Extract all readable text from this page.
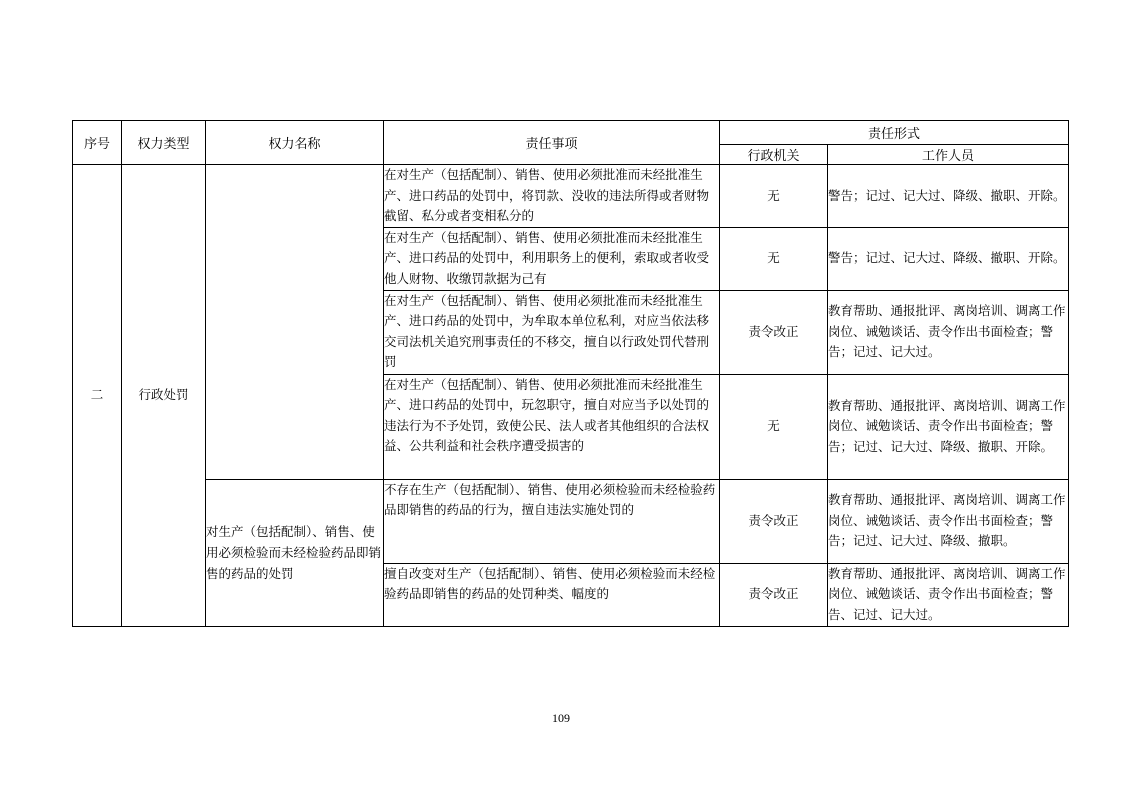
序号	权力类型	权力名称	责任事项	责任形式	
				行政机关	工作人员
二	行政处罚		在对生产（包括配制）、销售、使用必须批准而未经批准生产、进口药品的处罚中，将罚款、没收的违法所得或者财物截留、私分或者变相私分的	无	警告；记过、记大过、降级、撤职、开除。
			在对生产（包括配制）、销售、使用必须批准而未经批准生产、进口药品的处罚中，利用职务上的便利，索取或者收受他人财物、收缴罚款据为己有	无	警告；记过、记大过、降级、撤职、开除。
			在对生产（包括配制）、销售、使用必须批准而未经批准生产、进口药品的处罚中，为牟取本单位私利，对应当依法移交司法机关追究刑事责任的不移交，擅自以行政处罚代替刑罚	责令改正	教育帮助、通报批评、离岗培训、调离工作岗位、诫勉谈话、责令作出书面检查；警告；记过、记大过。
			在对生产（包括配制）、销售、使用必须批准而未经批准生产、进口药品的处罚中，玩忽职守，擅自对应当予以处罚的违法行为不予处罚，致使公民、法人或者其他组织的合法权益、公共利益和社会秩序遭受损害的	无	教育帮助、通报批评、离岗培训、调离工作岗位、诫勉谈话、责令作出书面检查；警告；记过、记大过、降级、撤职、开除。
		对生产（包括配制）、销售、使用必须检验而未经检验药品即销售的药品的处罚	不存在生产（包括配制）、销售、使用必须检验而未经检验药品即销售的药品的行为，擅自违法实施处罚的	责令改正	教育帮助、通报批评、离岗培训、调离工作岗位、诫勉谈话、责令作出书面检查；警告；记过、记大过、降级、撤职。
			擅自改变对生产（包括配制）、销售、使用必须检验而未经检验药品即销售的药品的处罚种类、幅度的	责令改正	教育帮助、通报批评、离岗培训、调离工作岗位、诫勉谈话、责令作出书面检查；警告、记过、记大过。
109
